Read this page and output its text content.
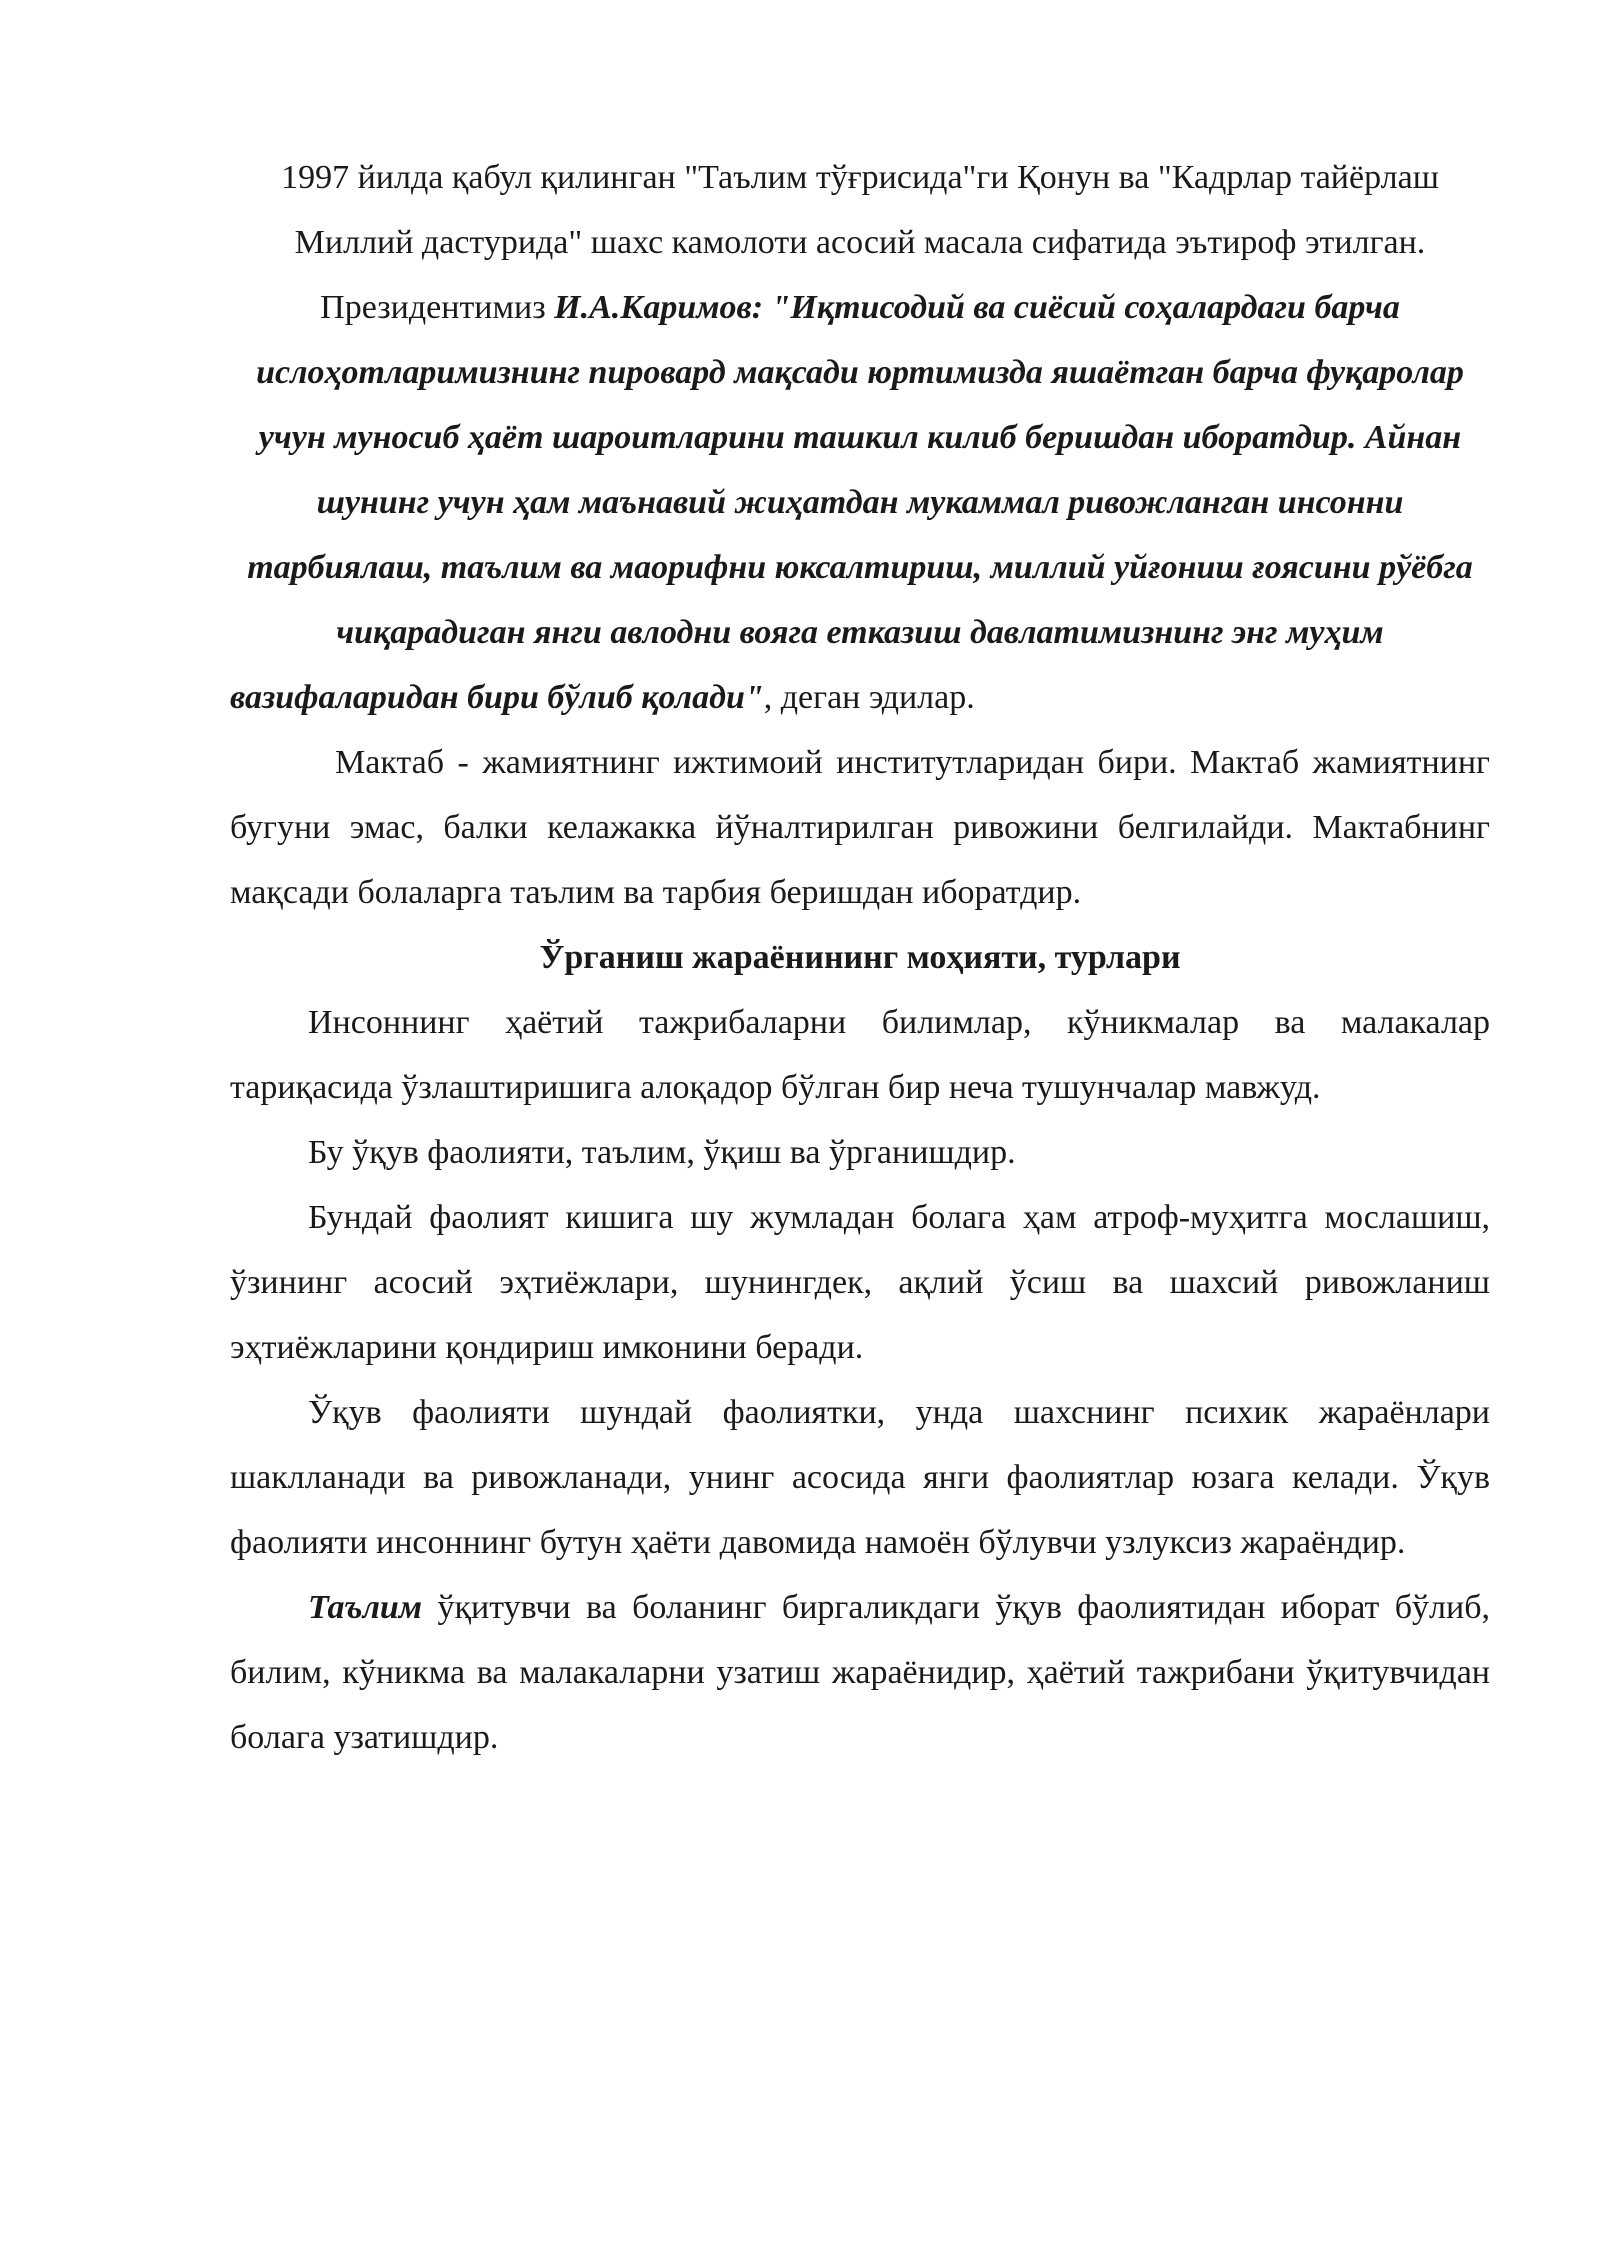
1997 йилда қабул қилинган "Таълим тўғрисида"ги Қонун ва "Кадрлар тайёрлаш Миллий дастурида" шахс камолоти асосий масала сифатида эътироф этилган. Президентимиз И.А.Каримов: "Иқтисодий ва сиёсий соҳалардаги барча ислоҳотларимизнинг пировард мақсади юртимизда яшаётган барча фуқаролар учун муносиб ҳаёт шароитларини ташкил килиб беришдан иборатдир. Айнан шунинг учун ҳам маънавий жиҳатдан мукаммал ривожланган инсонни тарбиялаш, таълим ва маорифни юксалтириш, миллий уйғониш ғоясини рўёбга чиқарадиган янги авлодни вояга етказиш давлатимизнинг энг муҳим вазифаларидан бири бўлиб қолади", деган эдилар.

Мактаб - жамиятнинг ижтимоий институтларидан бири. Мактаб жамиятнинг бугуни эмас, балки келажакка йўналтирилган ривожини белгилайди. Мактабнинг мақсади болаларга таълим ва тарбия беришдан иборатдир.

Ўрганиш жараёнининг моҳияти, турлари

Инсоннинг ҳаётий тажрибаларни билимлар, кўникмалар ва малакалар тариқасида ўзлаштиришига алоқадор бўлган бир неча тушунчалар мавжуд.

Бу ўқув фаолияти, таълим, ўқиш ва ўрганишдир.

Бундай фаолият кишига шу жумладан болага ҳам атроф-муҳитга мослашиш, ўзининг асосий эҳтиёжлари, шунингдек, ақлий ўсиш ва шахсий ривожланиш эҳтиёжларини қондириш имконини беради.

Ўқув фаолияти шундай фаолиятки, унда шахснинг психик жараёнлари шаклланади ва ривожланади, унинг асосида янги фаолиятлар юзага келади. Ўқув фаолияти инсоннинг бутун ҳаёти давомида намоён бўлувчи узлуксиз жараёндир.

Таълим ўқитувчи ва боланинг биргаликдаги ўқув фаолиятидан иборат бўлиб, билим, кўникма ва малакаларни узатиш жараёнидир, ҳаётий тажрибани ўқитувчидан болага узатишдир.
